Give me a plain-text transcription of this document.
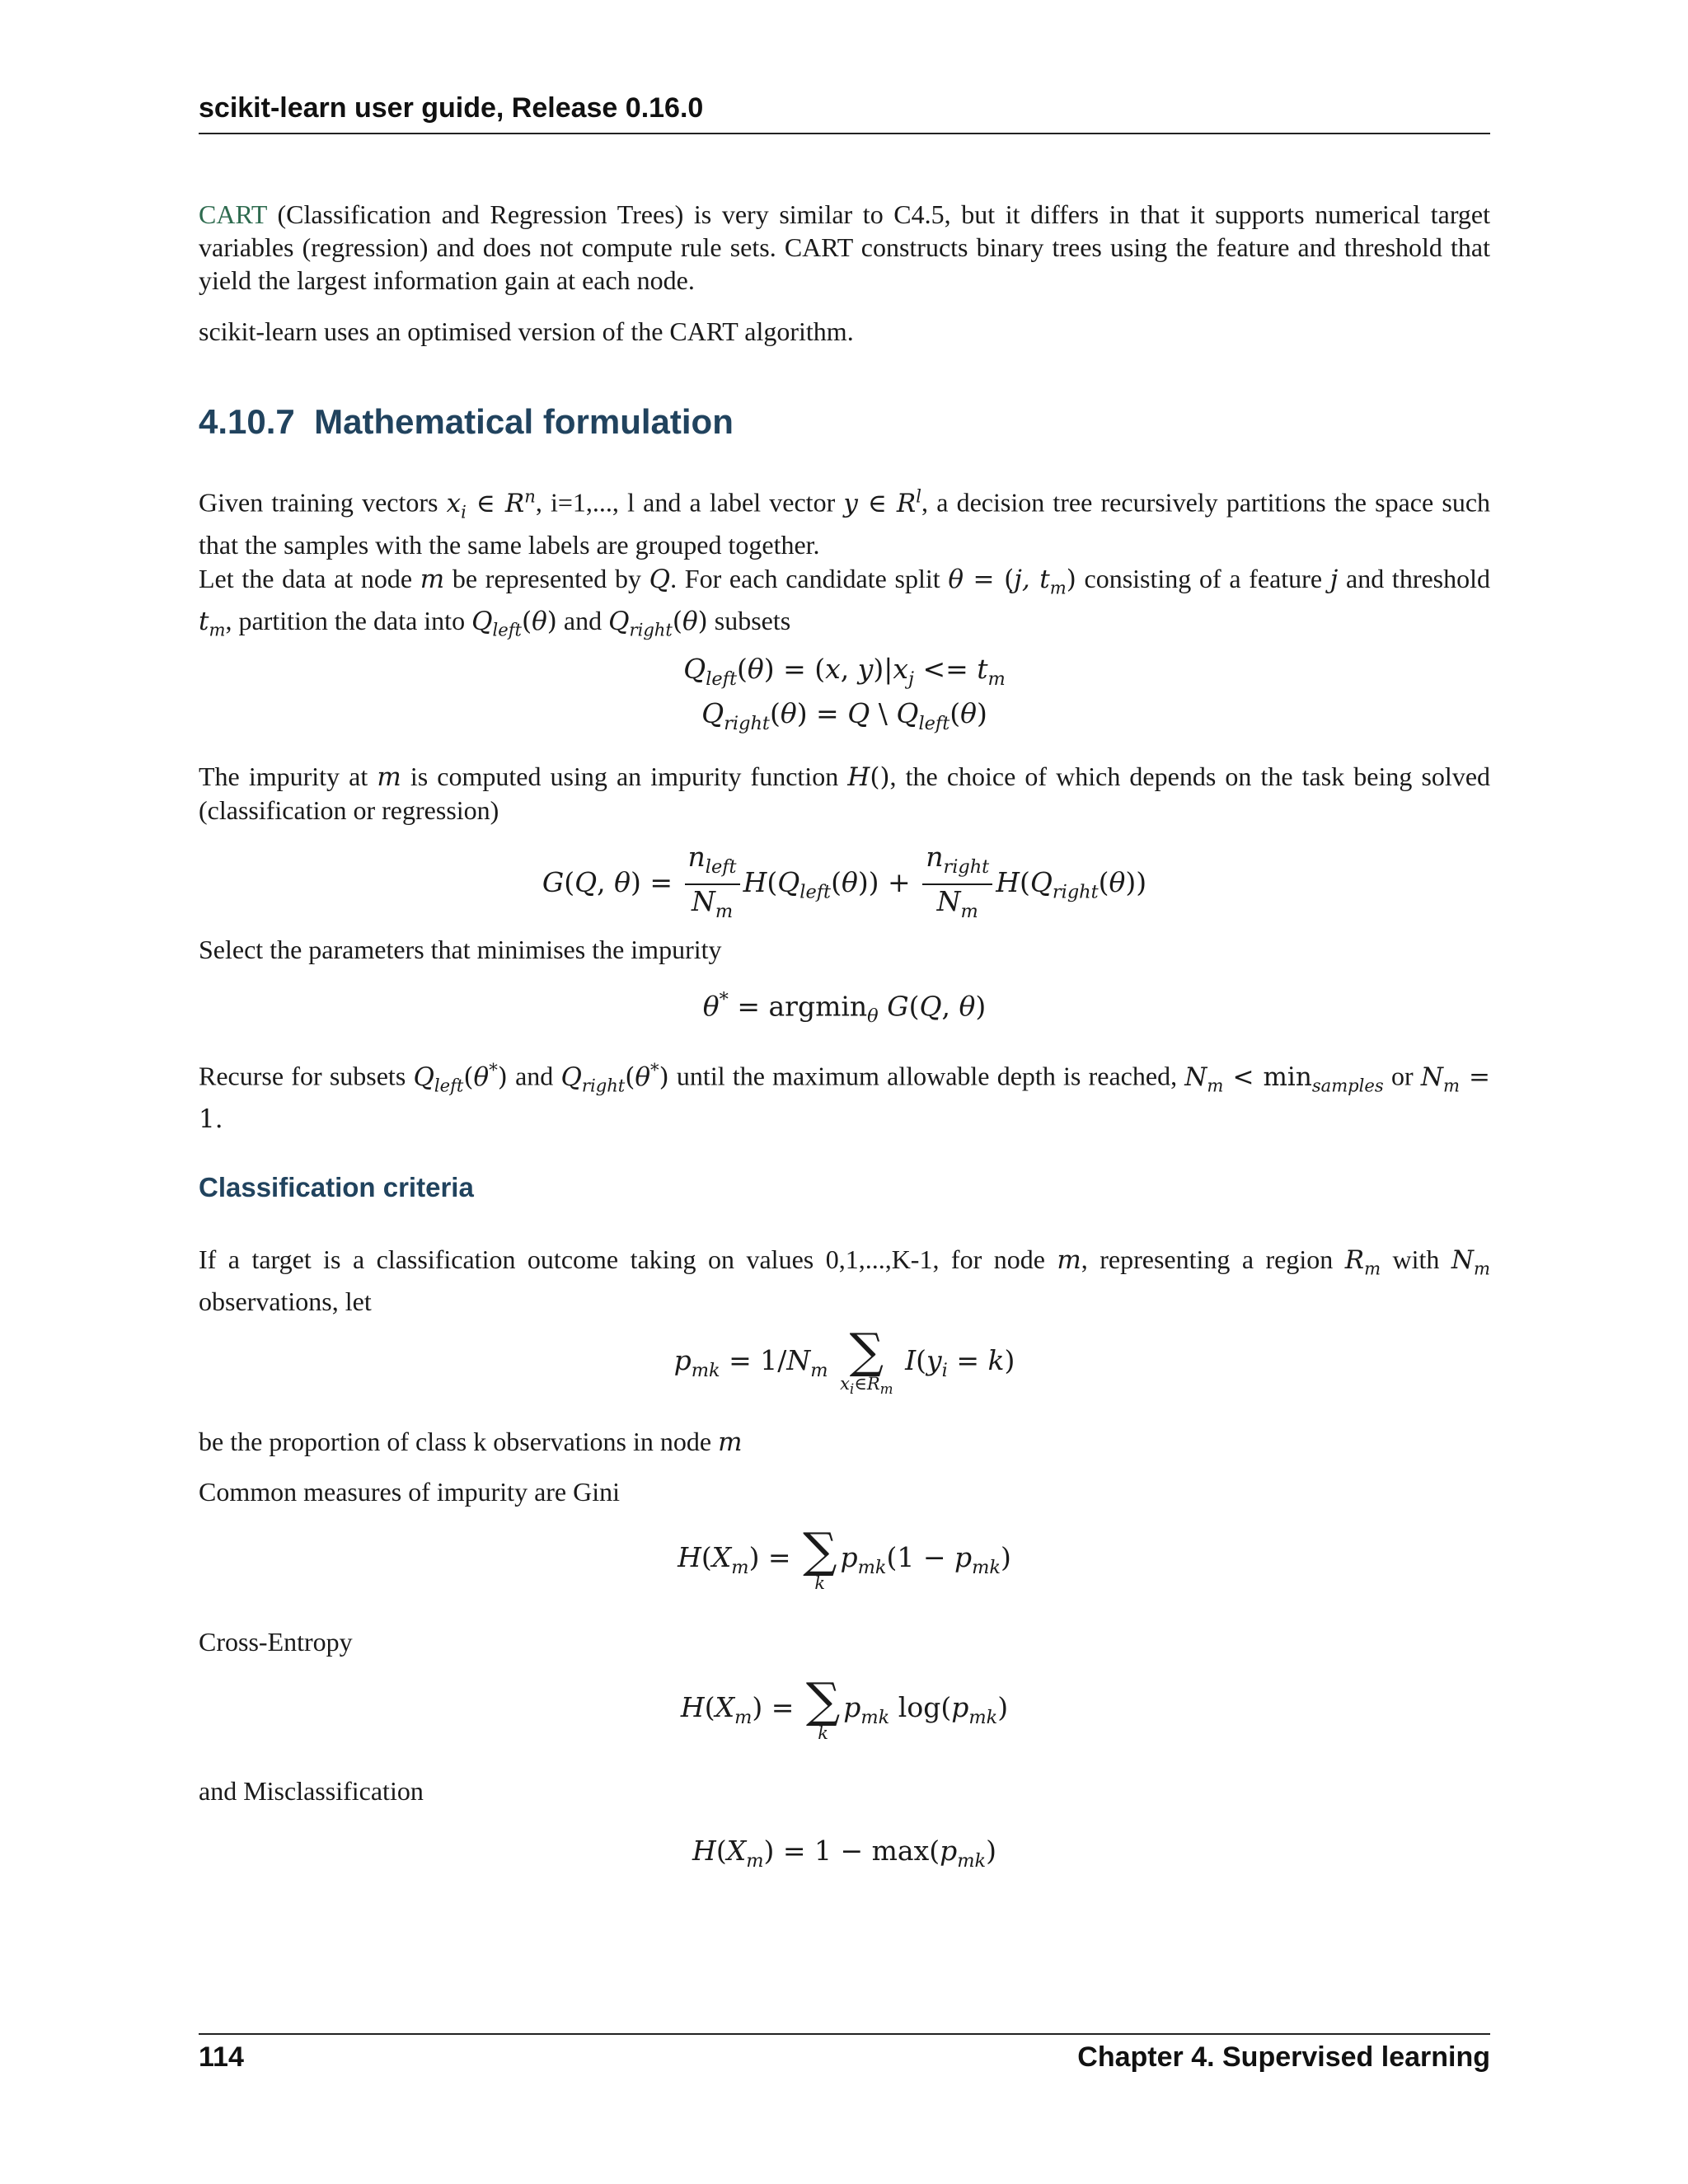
scikit-learn user guide, Release 0.16.0

CART (Classification and Regression Trees) is very similar to C4.5, but it differs in that it supports numerical target variables (regression) and does not compute rule sets. CART constructs binary trees using the feature and threshold that yield the largest information gain at each node.

scikit-learn uses an optimised version of the CART algorithm.

4.10.7 Mathematical formulation

Given training vectors $x_i$ ∈ $R^n$, i=1,..., l and a label vector y ∈ $R^l$, a decision tree recursively partitions the space such that the samples with the same labels are grouped together.

Let the data at node m be represented by Q. For each candidate split θ = (j, $t_m$) consisting of a feature j and threshold $t_m$, partition the data into $Q_{left}(\theta)$ and $Q_{right}(\theta)$ subsets

$Q_{left}(\theta) = (x$, $y)|x_j <= t_m$
$Q_{right}(\theta) = Q$ \ $Q_{left}(\theta)$

The impurity at m is computed using an impurity function H(), the choice of which depends on the task being solved (classification or regression)

G(Q, $\theta) = \frac{n_{left}}{N_m} H(Q_{left}(\theta)) + \frac{n_{right}}{N_m} H(Q_{right}(\theta))$

Select the parameters that minimises the impurity

θ* = argmin$_\theta$ G(Q, θ)

Recurse for subsets $Q_{left}(\theta^*)$ and $Q_{right}(\theta^*)$ until the maximum allowable depth is reached, $N_m < \min_{samples}$ or $N_m = 1$.

Classification criteria

If a target is a classification outcome taking on values 0,1,...,K-1, for node m, representing a region $R_m$ with $N_m$ observations, let

$p_{mk} = 1/N_m$ ∑
$x_i\in R_m$
$I(y_i = k)$

be the proportion of class k observations in node m

Common measures of impurity are Gini

$H(X_m)$ = ∑
k
$p_{mk}(1 - p_{mk})$

Cross-Entropy

$H(X_m)$ = ∑
k
$p_{mk}$ $\log(p_{mk})$

and Misclassification

$H(X_m) = 1 - \max(p_{mk})$
114	Chapter 4. Supervised learning
